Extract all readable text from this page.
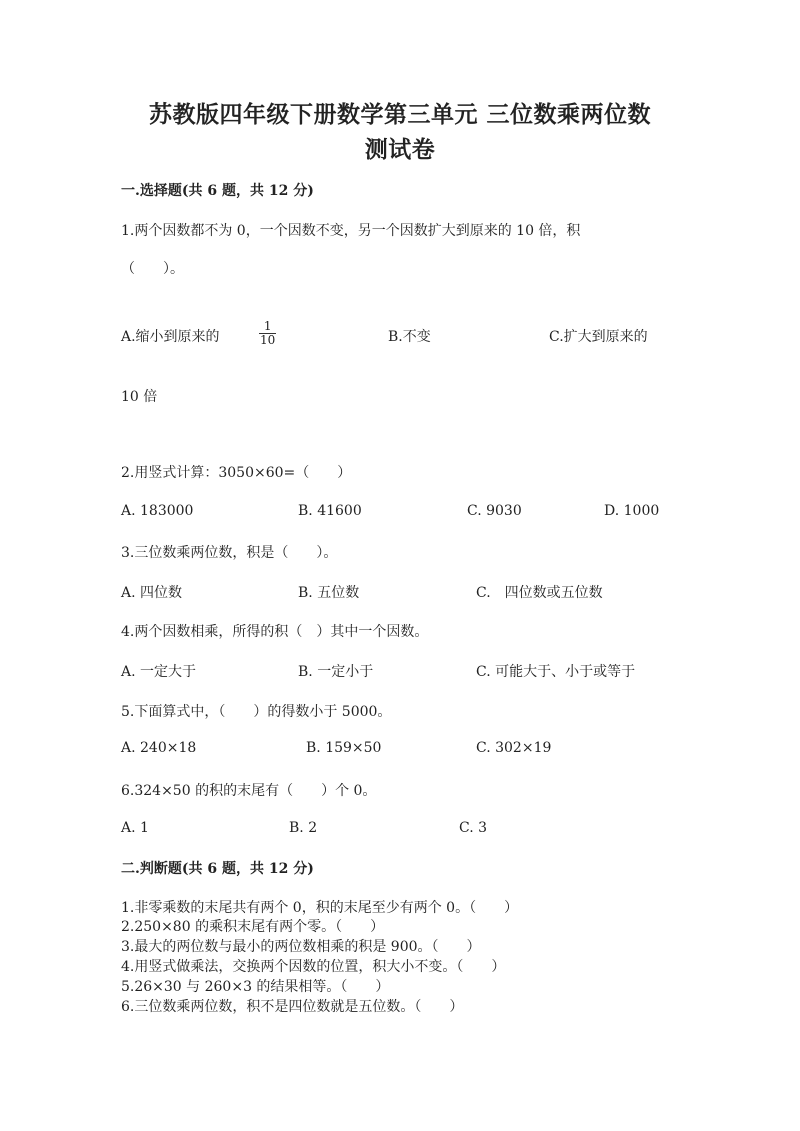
苏教版四年级下册数学第三单元 三位数乘两位数
测试卷
一.选择题(共 6 题，共 12 分)
1.两个因数都不为 0，一个因数不变，另一个因数扩大到原来的 10 倍，积
（　　）。
A.缩小到原来的	$\frac{1}{10}$	B.不变	C.扩大到原来的
10 倍
2.用竖式计算：3050×60=（　　）
A. 183000	B. 41600	C. 9030	D. 1000
3.三位数乘两位数，积是（　　）。
A. 四位数	B. 五位数	C.　四位数或五位数
4.两个因数相乘，所得的积（　）其中一个因数。
A. 一定大于	B. 一定小于	C. 可能大于、小于或等于
5.下面算式中，（　　）的得数小于 5000。
A. 240×18	B. 159×50	C. 302×19
6.324×50 的积的末尾有（　　）个 0。
A. 1	B. 2	C. 3
二.判断题(共 6 题，共 12 分)
1.非零乘数的末尾共有两个 0，积的末尾至少有两个 0。（　　）
2.250×80 的乘积末尾有两个零。（　　）
3.最大的两位数与最小的两位数相乘的积是 900。（　　）
4.用竖式做乘法，交换两个因数的位置，积大小不变。（　　）
5.26×30 与 260×3 的结果相等。（　　）
6.三位数乘两位数，积不是四位数就是五位数。（　　）
